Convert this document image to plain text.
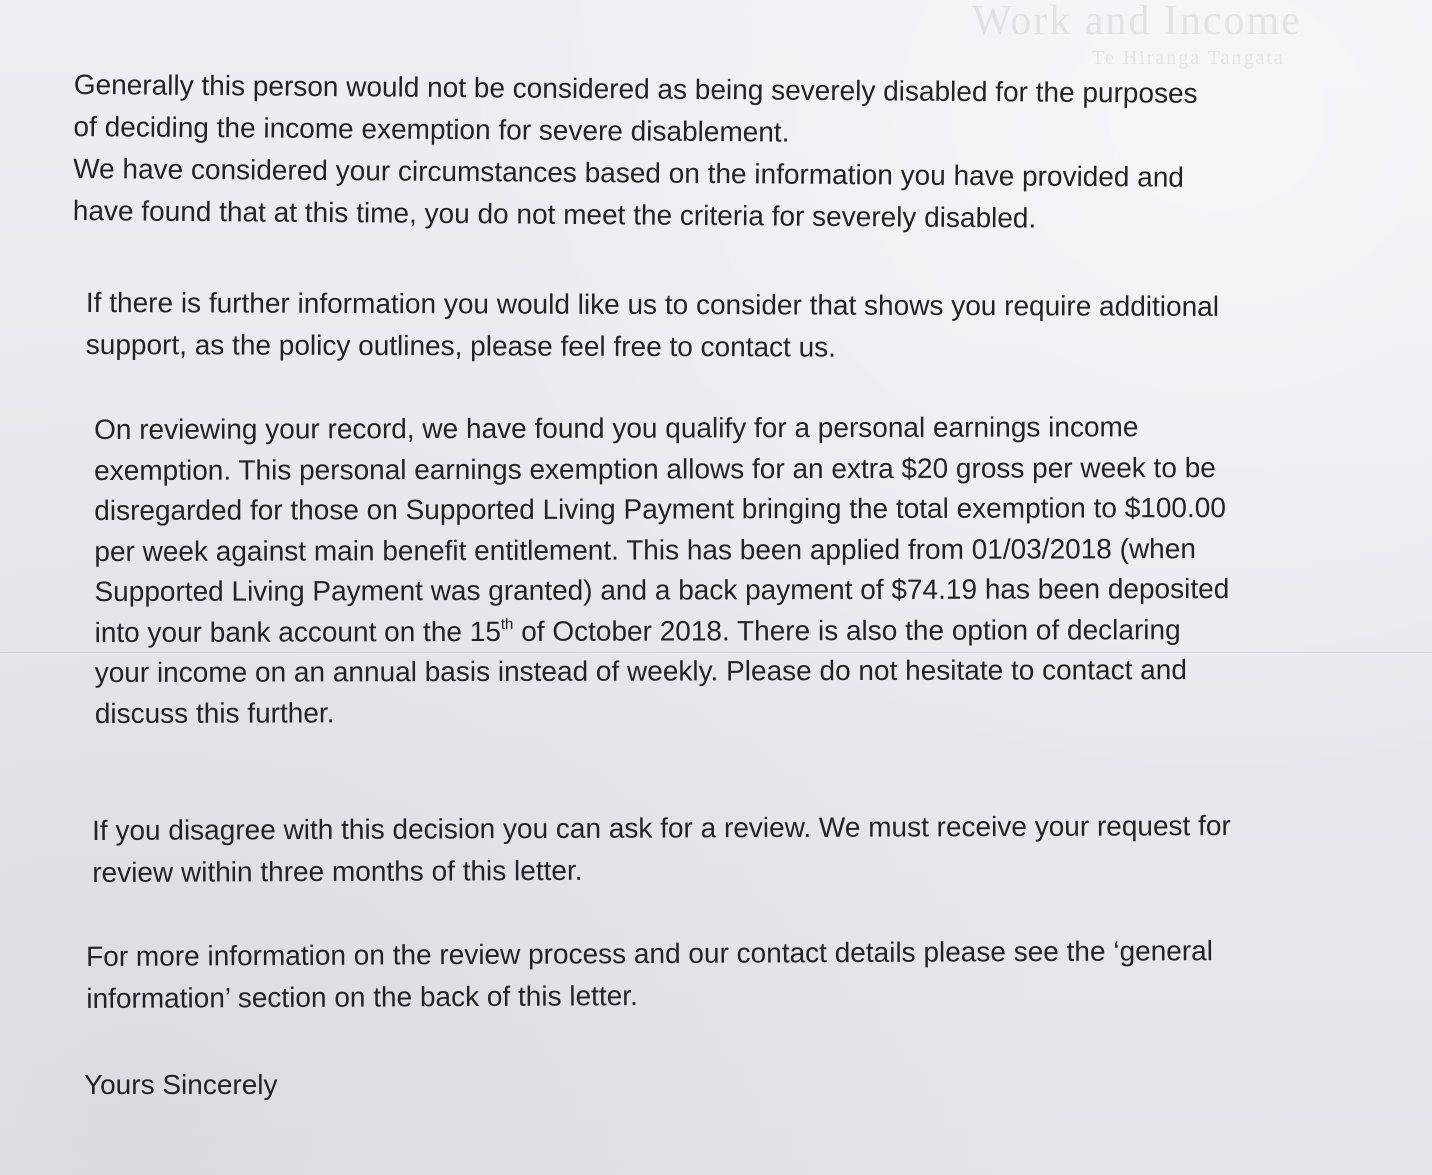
Work and Income
Te Hiranga Tangata
Generally this person would not be considered as being severely disabled for the purposes
of deciding the income exemption for severe disablement.
We have considered your circumstances based on the information you have provided and
have found that at this time, you do not meet the criteria for severely disabled.
If there is further information you would like us to consider that shows you require additional
support, as the policy outlines, please feel free to contact us.
On reviewing your record, we have found you qualify for a personal earnings income
exemption. This personal earnings exemption allows for an extra $20 gross per week to be
disregarded for those on Supported Living Payment bringing the total exemption to $100.00
per week against main benefit entitlement. This has been applied from 01/03/2018 (when
Supported Living Payment was granted) and a back payment of $74.19 has been deposited
into your bank account on the 15th of October 2018. There is also the option of declaring
your income on an annual basis instead of weekly. Please do not hesitate to contact and
discuss this further.
If you disagree with this decision you can ask for a review. We must receive your request for
review within three months of this letter.
For more information on the review process and our contact details please see the ‘general
information’ section on the back of this letter.
Yours Sincerely
